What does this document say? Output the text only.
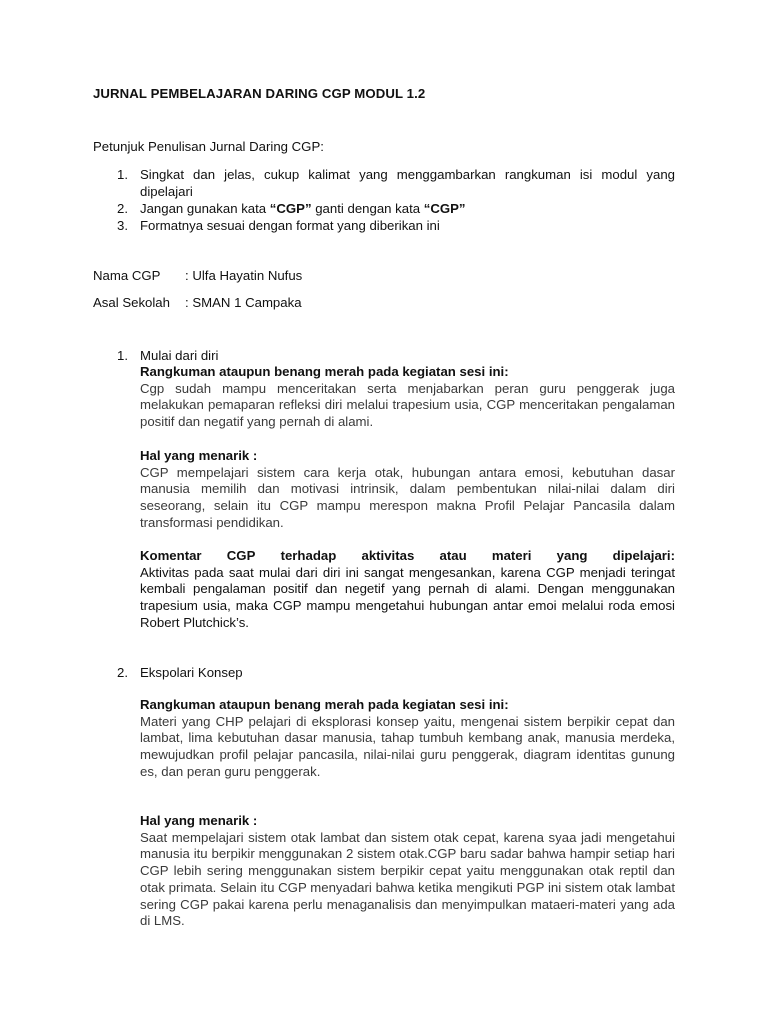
JURNAL PEMBELAJARAN DARING CGP MODUL 1.2
Petunjuk Penulisan Jurnal Daring CGP:
1. Singkat dan jelas, cukup kalimat yang menggambarkan rangkuman isi modul yang dipelajari
2. Jangan gunakan kata “CGP” ganti dengan kata “CGP”
3. Formatnya sesuai dengan format yang diberikan ini
Nama CGP : Ulfa Hayatin Nufus
Asal Sekolah : SMAN 1 Campaka
1. Mulai dari diri
Rangkuman ataupun benang merah pada kegiatan sesi ini:
Cgp sudah mampu menceritakan serta menjabarkan peran guru penggerak juga melakukan pemaparan refleksi diri melalui trapesium usia, CGP menceritakan pengalaman positif dan negatif yang pernah di alami.
Hal yang menarik :
CGP mempelajari sistem cara kerja otak, hubungan antara emosi, kebutuhan dasar manusia memilih dan motivasi intrinsik, dalam pembentukan nilai-nilai dalam diri seseorang, selain itu CGP mampu merespon makna Profil Pelajar Pancasila dalam transformasi pendidikan.
Komentar CGP terhadap aktivitas atau materi yang dipelajari:
Aktivitas pada saat mulai dari diri ini sangat mengesankan, karena CGP menjadi teringat kembali pengalaman positif dan negetif yang pernah di alami. Dengan menggunakan trapesium usia, maka CGP mampu mengetahui hubungan antar emoi melalui roda emosi Robert Plutchick’s.
2. Ekspolari Konsep
Rangkuman ataupun benang merah pada kegiatan sesi ini:
Materi yang CHP pelajari di eksplorasi konsep yaitu, mengenai sistem berpikir cepat dan lambat, lima kebutuhan dasar manusia, tahap tumbuh kembang anak, manusia merdeka, mewujudkan profil pelajar pancasila, nilai-nilai guru penggerak, diagram identitas gunung es, dan peran guru penggerak.
Hal yang menarik :
Saat mempelajari sistem otak lambat dan sistem otak cepat, karena syaa jadi mengetahui manusia itu berpikir menggunakan 2 sistem otak.CGP baru sadar bahwa hampir setiap hari CGP lebih sering menggunakan sistem berpikir cepat yaitu menggunakan otak reptil dan otak primata. Selain itu CGP menyadari bahwa ketika mengikuti PGP ini sistem otak lambat sering CGP pakai karena perlu menaganalisis dan menyimpulkan mataeri-materi yang ada di LMS.
